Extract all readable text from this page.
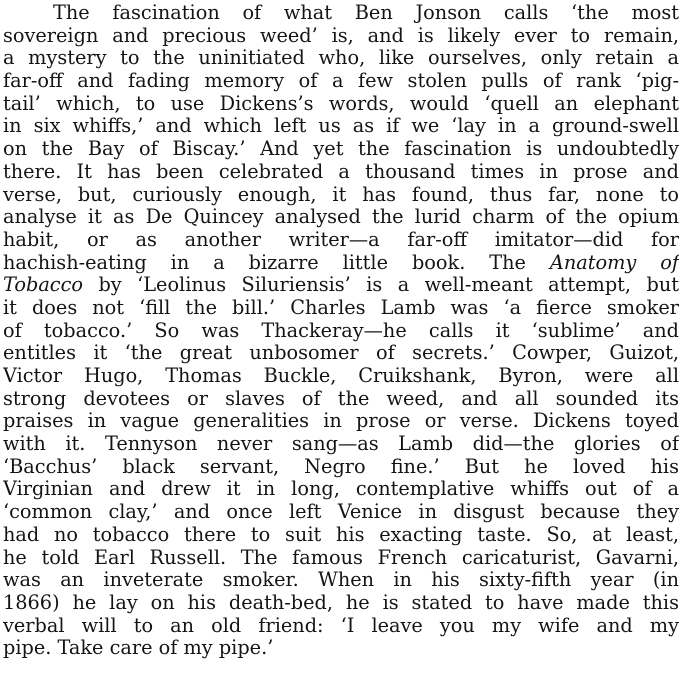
The fascination of what Ben Jonson calls ‘the most
sovereign and precious weed’ is, and is likely ever to remain,
a mystery to the uninitiated who, like ourselves, only retain a
far-off and fading memory of a few stolen pulls of rank ‘pig-
tail’ which, to use Dickens’s words, would ‘quell an elephant
in six whiffs,’ and which left us as if we ‘lay in a ground-swell
on the Bay of Biscay.’ And yet the fascination is undoubtedly
there. It has been celebrated a thousand times in prose and
verse, but, curiously enough, it has found, thus far, none to
analyse it as De Quincey analysed the lurid charm of the opium
habit, or as another writer—a far-off imitator—did for
hachish-eating in a bizarre little book. The Anatomy of
Tobacco by ‘Leolinus Siluriensis’ is a well-meant attempt, but
it does not ‘fill the bill.’ Charles Lamb was ‘a fierce smoker
of tobacco.’ So was Thackeray—he calls it ‘sublime’ and
entitles it ‘the great unbosomer of secrets.’ Cowper, Guizot,
Victor Hugo, Thomas Buckle, Cruikshank, Byron, were all
strong devotees or slaves of the weed, and all sounded its
praises in vague generalities in prose or verse. Dickens toyed
with it. Tennyson never sang—as Lamb did—the glories of
‘Bacchus’ black servant, Negro fine.’ But he loved his
Virginian and drew it in long, contemplative whiffs out of a
‘common clay,’ and once left Venice in disgust because they
had no tobacco there to suit his exacting taste. So, at least,
he told Earl Russell. The famous French caricaturist, Gavarni,
was an inveterate smoker. When in his sixty-fifth year (in
1866) he lay on his death-bed, he is stated to have made this
verbal will to an old friend: ‘I leave you my wife and my
pipe. Take care of my pipe.’
